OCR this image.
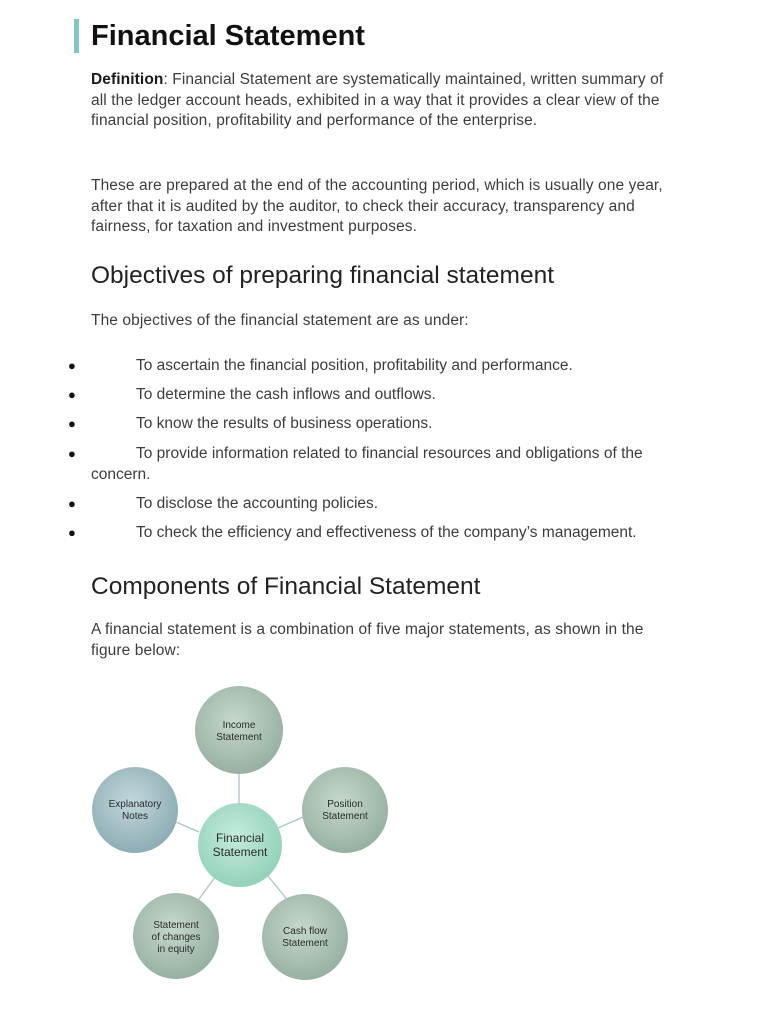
Financial Statement

Definition: Financial Statement are systematically maintained, written summary of all the ledger account heads, exhibited in a way that it provides a clear view of the financial position, profitability and performance of the enterprise.

These are prepared at the end of the accounting period, which is usually one year, after that it is audited by the auditor, to check their accuracy, transparency and fairness, for taxation and investment purposes.

Objectives of preparing financial statement

The objectives of the financial statement are as under:

●	To ascertain the financial position, profitability and performance.
●	To determine the cash inflows and outflows.
●	To know the results of business operations.
●	To provide information related to financial resources and obligations of the concern.
●	To disclose the accounting policies.
●	To check the efficiency and effectiveness of the company’s management.
Components of Financial Statement

A financial statement is a combination of five major statements, as shown in the figure below:

Income
Statement
Position
Statement
Cash flow
Statement
Statement
of changes
in equity
Explanatory
Notes
Financial
Statement
